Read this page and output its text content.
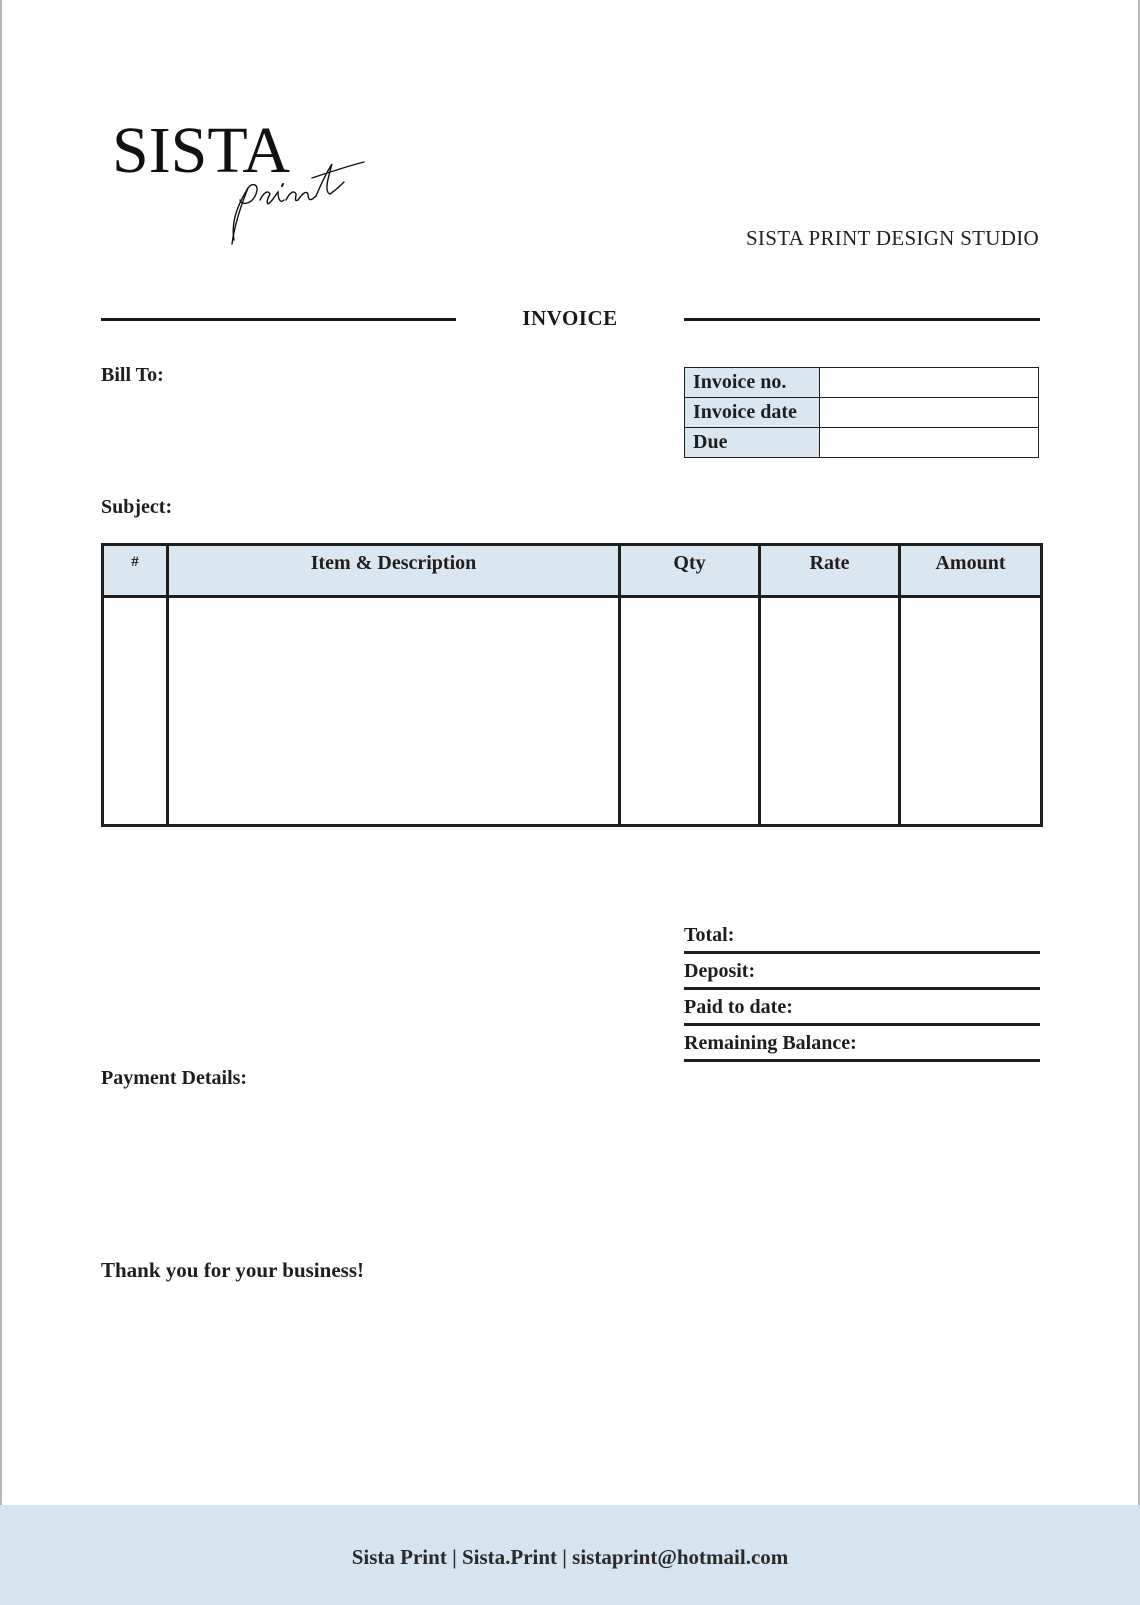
SISTA
SISTA PRINT DESIGN STUDIO
INVOICE
Bill To:	Invoice no.	
Invoice date	
Due	
Subject:
#	Item & Description	Qty	Rate	Amount

Total:
Deposit:
Paid to date:
Remaining Balance:
Payment Details:
Thank you for your business!
Sista Print | Sista.Print | sistaprint@hotmail.com
